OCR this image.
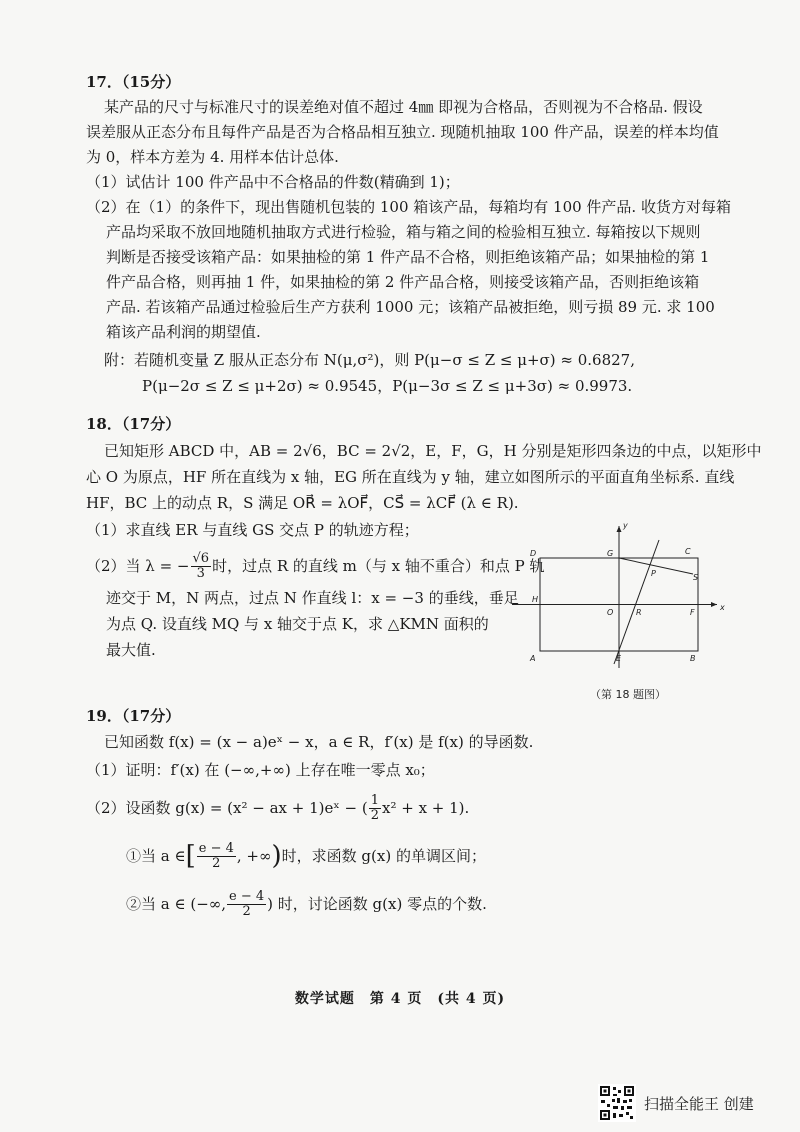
17．（15分）
某产品的尺寸与标准尺寸的误差绝对值不超过 4㎜ 即视为合格品，否则视为不合格品. 假设
误差服从正态分布且每件产品是否为合格品相互独立. 现随机抽取 100 件产品，误差的样本均值
为 0，样本方差为 4. 用样本估计总体.
（1）试估计 100 件产品中不合格品的件数(精确到 1)；
（2）在（1）的条件下，现出售随机包装的 100 箱该产品，每箱均有 100 件产品. 收货方对每箱
产品均采取不放回地随机抽取方式进行检验，箱与箱之间的检验相互独立. 每箱按以下规则
判断是否接受该箱产品：如果抽检的第 1 件产品不合格，则拒绝该箱产品；如果抽检的第 1
件产品合格，则再抽 1 件，如果抽检的第 2 件产品合格，则接受该箱产品，否则拒绝该箱
产品. 若该箱产品通过检验后生产方获利 1000 元；该箱产品被拒绝，则亏损 89 元. 求 100
箱该产品利润的期望值.
附：若随机变量 Z 服从正态分布 N(μ,σ²)，则 P(μ−σ ≤ Z ≤ μ+σ) ≈ 0.6827,
P(μ−2σ ≤ Z ≤ μ+2σ) ≈ 0.9545，P(μ−3σ ≤ Z ≤ μ+3σ) ≈ 0.9973.
18．（17分）
已知矩形 ABCD 中，AB = 2√6，BC = 2√2，E，F，G，H 分别是矩形四条边的中点，以矩形中
心 O 为原点，HF 所在直线为 x 轴，EG 所在直线为 y 轴，建立如图所示的平面直角坐标系. 直线
HF，BC 上的动点 R，S 满足 OR⃗ = λOF⃗，CS⃗ = λCF⃗ (λ ∈ R).
（1）求直线 ER 与直线 GS 交点 P 的轨迹方程；
（2）当 λ = − $\frac{√6}{3}$ 时，过点 R 的直线 m（与 x 轴不重合）和点 P 轨
迹交于 M，N 两点，过点 N 作直线 l：x = −3 的垂线，垂足
为点 Q. 设直线 MQ 与 x 轴交于点 K，求 △KMN 面积的
最大值.
y
x
D	G	C
P	S
H
O	R	F
A	E	B
（第 18 题图）
19．（17分）
已知函数 f(x) = (x − a)eˣ − x，a ∈ R，f′(x) 是 f(x) 的导函数.
（1）证明：f′(x) 在 (−∞,+∞) 上存在唯一零点 x₀；
（2）设函数 g(x) = (x² − ax + 1)eˣ − ( $\frac{1}{2} x^2 + x + 1$).
①当 a ∈ [ $\frac{e - 4}{2}$ , +∞ ) 时，求函数 g(x) 的单调区间；
②当 a ∈ (−∞, $\frac{e - 4}{2}$ ) 时，讨论函数 g(x) 零点的个数.
数学试题　第 4 页　(共 4 页)
扫描全能王 创建
